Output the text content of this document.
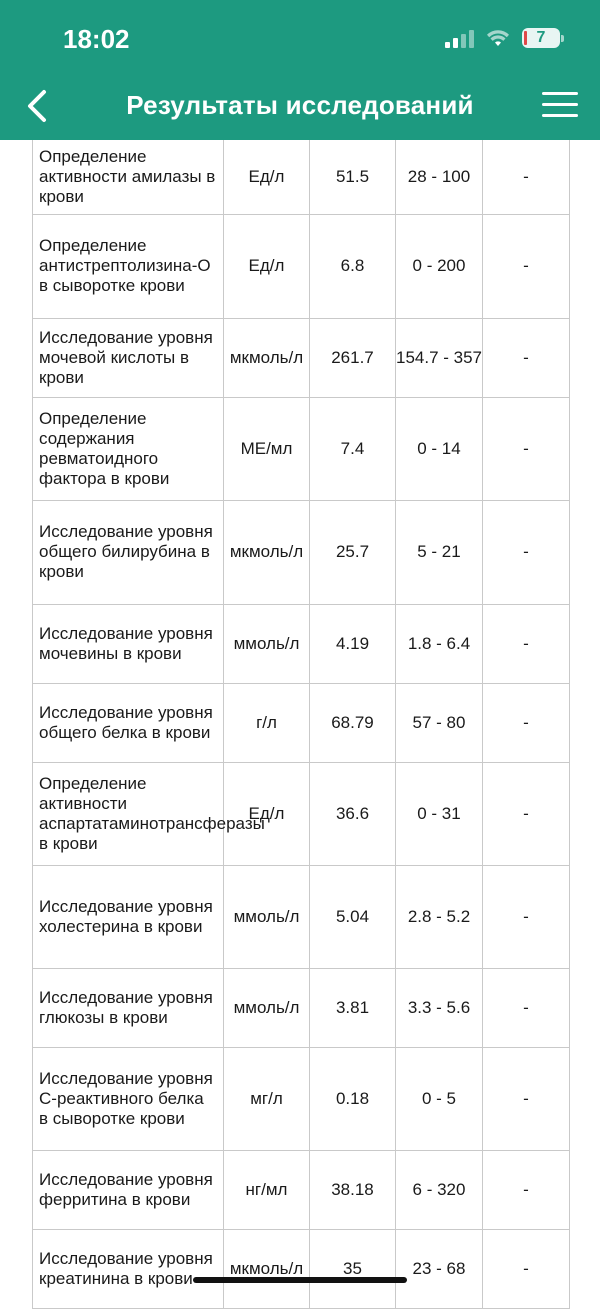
18:02	7
Результаты исследований
Определение активности амилазы в крови	Ед/л	51.5	28 - 100	-
Определение антистрептолизина-О в сыворотке крови	Ед/л	6.8	0 - 200	-
Исследование уровня мочевой кислоты в крови	мкмоль/л	261.7	154.7 - 357	-
Определение содержания ревматоидного фактора в крови	МЕ/мл	7.4	0 - 14	-
Исследование уровня общего билирубина в крови	мкмоль/л	25.7	5 - 21	-
Исследование уровня мочевины в крови	ммоль/л	4.19	1.8 - 6.4	-
Исследование уровня общего белка в крови	г/л	68.79	57 - 80	-
Определение активности аспартатаминотрансферазы в крови	Ед/л	36.6	0 - 31	-
Исследование уровня холестерина в крови	ммоль/л	5.04	2.8 - 5.2	-
Исследование уровня глюкозы в крови	ммоль/л	3.81	3.3 - 5.6	-
Исследование уровня С-реактивного белка в сыворотке крови	мг/л	0.18	0 - 5	-
Исследование уровня ферритина в крови	нг/мл	38.18	6 - 320	-
Исследование уровня креатинина в крови	мкмоль/л	35	23 - 68	-
